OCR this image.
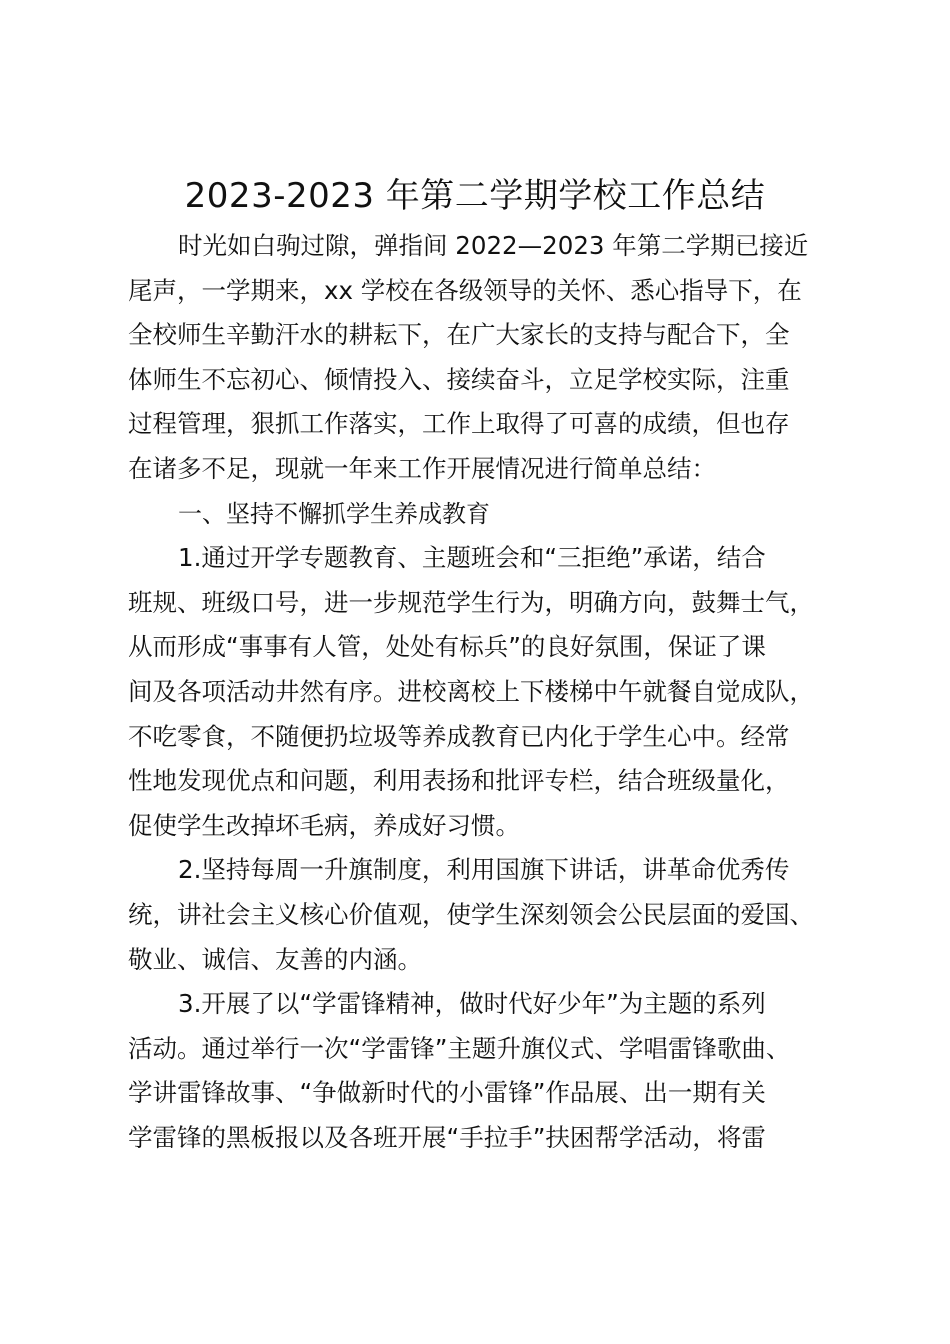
2023-2023 年第二学期学校工作总结
时光如白驹过隙，弹指间 2022—2023 年第二学期已接近
尾声，一学期来，xx 学校在各级领导的关怀、悉心指导下，在
全校师生辛勤汗水的耕耘下，在广大家长的支持与配合下，全
体师生不忘初心、倾情投入、接续奋斗，立足学校实际，注重
过程管理，狠抓工作落实，工作上取得了可喜的成绩，但也存
在诸多不足，现就一年来工作开展情况进行简单总结：
一、坚持不懈抓学生养成教育
1.通过开学专题教育、主题班会和“三拒绝”承诺，结合
班规、班级口号，进一步规范学生行为，明确方向，鼓舞士气，
从而形成“事事有人管，处处有标兵”的良好氛围，保证了课
间及各项活动井然有序。进校离校上下楼梯中午就餐自觉成队，
不吃零食，不随便扔垃圾等养成教育已内化于学生心中。经常
性地发现优点和问题，利用表扬和批评专栏，结合班级量化，
促使学生改掉坏毛病，养成好习惯。
2.坚持每周一升旗制度，利用国旗下讲话，讲革命优秀传
统，讲社会主义核心价值观，使学生深刻领会公民层面的爱国、
敬业、诚信、友善的内涵。
3.开展了以“学雷锋精神，做时代好少年”为主题的系列
活动。通过举行一次“学雷锋”主题升旗仪式、学唱雷锋歌曲、
学讲雷锋故事、“争做新时代的小雷锋”作品展、出一期有关
学雷锋的黑板报以及各班开展“手拉手”扶困帮学活动，将雷
